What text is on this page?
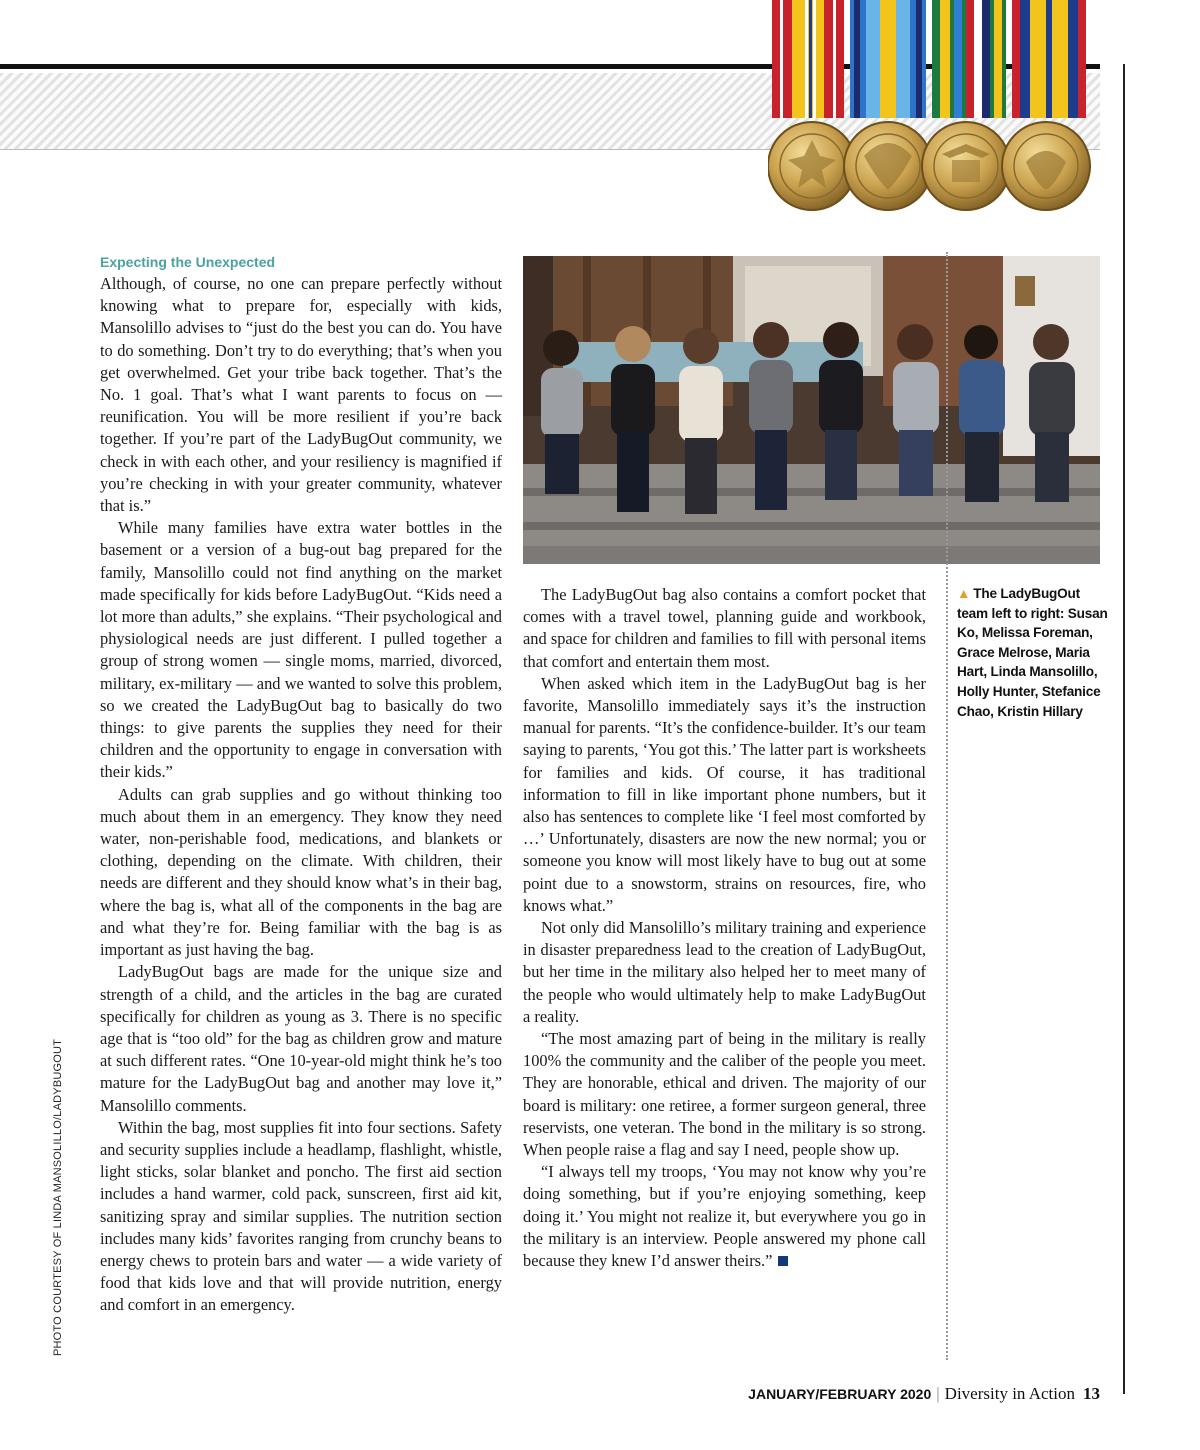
Expecting the Unexpected

Although, of course, no one can prepare perfectly without knowing what to prepare for, especially with kids, Mansolillo advises to “just do the best you can do. You have to do something. Don’t try to do everything; that’s when you get overwhelmed. Get your tribe back together. That’s the No. 1 goal. That’s what I want parents to focus on — reunification. You will be more resilient if you’re back together. If you’re part of the LadyBugOut community, we check in with each other, and your resiliency is magnified if you’re checking in with your greater community, whatever that is.”

While many families have extra water bottles in the basement or a version of a bug-out bag prepared for the family, Mansolillo could not find anything on the market made specifically for kids before LadyBugOut. “Kids need a lot more than adults,” she explains. “Their psychological and physiological needs are just different. I pulled together a group of strong women — single moms, married, divorced, military, ex-military — and we wanted to solve this problem, so we created the LadyBugOut bag to basically do two things: to give parents the supplies they need for their children and the opportunity to engage in conversation with their kids.”

Adults can grab supplies and go without thinking too much about them in an emergency. They know they need water, non-perishable food, medications, and blankets or clothing, depending on the climate. With children, their needs are different and they should know what’s in their bag, where the bag is, what all of the components in the bag are and what they’re for. Being familiar with the bag is as important as just having the bag.

LadyBugOut bags are made for the unique size and strength of a child, and the articles in the bag are curated specifically for children as young as 3. There is no specific age that is “too old” for the bag as children grow and mature at such different rates. “One 10-year-old might think he’s too mature for the LadyBugOut bag and another may love it,” Mansolillo comments.

Within the bag, most supplies fit into four sections. Safety and security supplies include a headlamp, flashlight, whistle, light sticks, solar blanket and poncho. The first aid section includes a hand warmer, cold pack, sunscreen, first aid kit, sanitizing spray and similar supplies. The nutrition section includes many kids’ favorites ranging from crunchy beans to energy chews to protein bars and water — a wide variety of food that kids love and that will provide nutrition, energy and comfort in an emergency.

The LadyBugOut bag also contains a comfort pocket that comes with a travel towel, planning guide and workbook, and space for children and families to fill with personal items that comfort and entertain them most.

When asked which item in the LadyBugOut bag is her favorite, Mansolillo immediately says it’s the instruction manual for parents. “It’s the confidence-builder. It’s our team saying to parents, ‘You got this.’ The latter part is worksheets for families and kids. Of course, it has traditional information to fill in like important phone numbers, but it also has sentences to complete like ‘I feel most comforted by …’ Unfortunately, disasters are now the new normal; you or someone you know will most likely have to bug out at some point due to a snowstorm, strains on resources, fire, who knows what.”

Not only did Mansolillo’s military training and experience in disaster preparedness lead to the creation of LadyBugOut, but her time in the military also helped her to meet many of the people who would ultimately help to make LadyBugOut a reality.

“The most amazing part of being in the military is really 100% the community and the caliber of the people you meet. They are honorable, ethical and driven. The majority of our board is military: one retiree, a former surgeon general, three reservists, one veteran. The bond in the military is so strong. When people raise a flag and say I need, people show up.

“I always tell my troops, ‘You may not know why you’re doing something, but if you’re enjoying something, keep doing it.’ You might not realize it, but everywhere you go in the military is an interview. People answered my phone call because they knew I’d answer theirs.”

▲ The LadyBugOut team left to right: Susan Ko, Melissa Foreman, Grace Melrose, Maria Hart, Linda Mansolillo, Holly Hunter, Stefanice Chao, Kristin Hillary
PHOTO COURTESY OF LINDA MANSOLILLO/LADYBUGOUT
JANUARY/FEBRUARY 2020 | Diversity in Action 13
